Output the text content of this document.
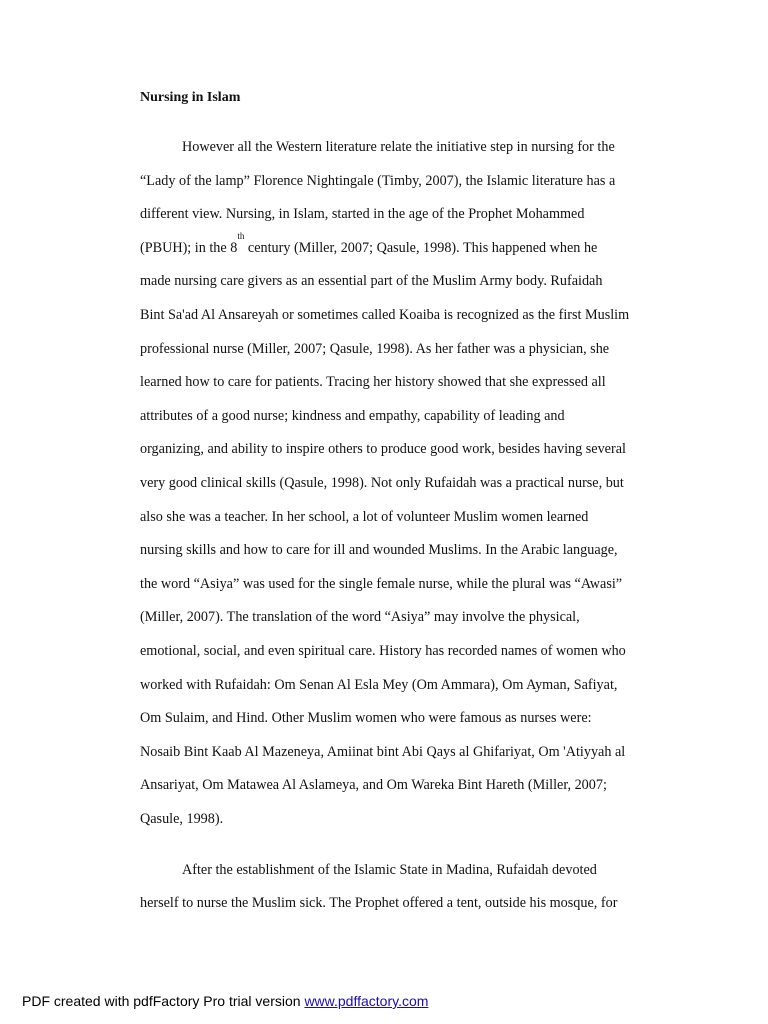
Nursing in Islam
However all the Western literature relate the initiative step in nursing for the
“Lady of the lamp” Florence Nightingale (Timby, 2007), the Islamic literature has a
different view. Nursing, in Islam, started in the age of the Prophet Mohammed
(PBUH); in the 8th century (Miller, 2007; Qasule, 1998). This happened when he
made nursing care givers as an essential part of the Muslim Army body. Rufaidah
Bint Sa'ad Al Ansareyah or sometimes called Koaiba is recognized as the first Muslim
professional nurse (Miller, 2007; Qasule, 1998). As her father was a physician, she
learned how to care for patients. Tracing her history showed that she expressed all
attributes of a good nurse; kindness and empathy, capability of leading and
organizing, and ability to inspire others to produce good work, besides having several
very good clinical skills (Qasule, 1998). Not only Rufaidah was a practical nurse, but
also she was a teacher. In her school, a lot of volunteer Muslim women learned
nursing skills and how to care for ill and wounded Muslims. In the Arabic language,
the word “Asiya” was used for the single female nurse, while the plural was “Awasi”
(Miller, 2007). The translation of the word “Asiya” may involve the physical,
emotional, social, and even spiritual care. History has recorded names of women who
worked with Rufaidah: Om Senan Al Esla Mey (Om Ammara), Om Ayman, Safiyat,
Om Sulaim, and Hind. Other Muslim women who were famous as nurses were:
Nosaib Bint Kaab Al Mazeneya, Amiinat bint Abi Qays al Ghifariyat, Om 'Atiyyah al
Ansariyat, Om Matawea Al Aslameya, and Om Wareka Bint Hareth (Miller, 2007;
Qasule, 1998).
After the establishment of the Islamic State in Madina, Rufaidah devoted
herself to nurse the Muslim sick. The Prophet offered a tent, outside his mosque, for
PDF created with pdfFactory Pro trial version www.pdffactory.com
